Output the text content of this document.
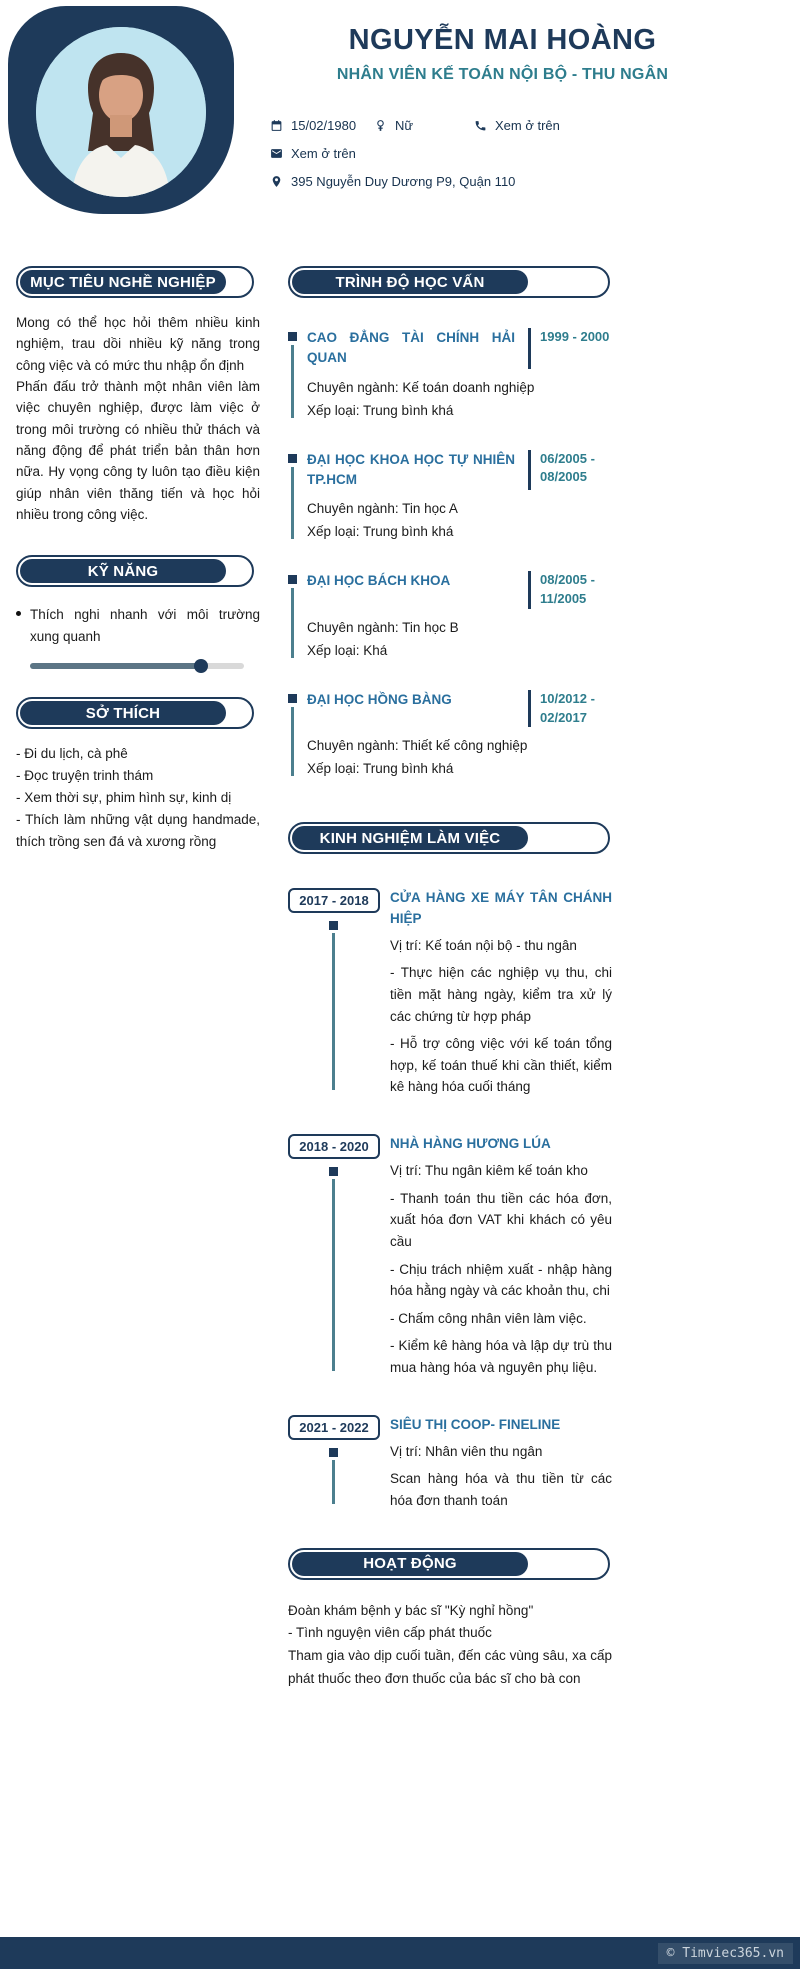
NGUYỄN MAI HOÀNG
NHÂN VIÊN KẾ TOÁN NỘI BỘ - THU NGÂN
15/02/1980	Nữ	Xem ở trên
Xem ở trên
395 Nguyễn Duy Dương P9, Quận 110
MỤC TIÊU NGHỀ NGHIỆP

Mong có thể học hỏi thêm nhiều kinh nghiệm, trau dồi nhiều kỹ năng trong công việc và có mức thu nhập ổn định

Phấn đấu trở thành một nhân viên làm việc chuyên nghiệp, được làm việc ở trong môi trường có nhiều thử thách và năng động để phát triển bản thân hơn nữa. Hy vọng công ty luôn tạo điều kiện giúp nhân viên thăng tiến và học hỏi nhiều trong công việc.

KỸ NĂNG
Thích nghi nhanh với môi trường xung quanh
SỞ THÍCH
- Đi du lịch, cà phê
- Đọc truyện trinh thám
- Xem thời sự, phim hình sự, kinh dị
- Thích làm những vật dụng handmade, thích trồng sen đá và xương rồng
TRÌNH ĐỘ HỌC VẤN
CAO ĐẲNG TÀI CHÍNH HẢI QUAN
1999 - 2000

Chuyên ngành: Kế toán doanh nghiệp

Xếp loại: Trung bình khá

ĐẠI HỌC KHOA HỌC TỰ NHIÊN TP.HCM
06/2005 - 08/2005

Chuyên ngành: Tin học A

Xếp loại: Trung bình khá

ĐẠI HỌC BÁCH KHOA	08/2005 - 11/2005

Chuyên ngành: Tin học B

Xếp loại: Khá

ĐẠI HỌC HỒNG BÀNG	10/2012 - 02/2017

Chuyên ngành: Thiết kế công nghiệp

Xếp loại: Trung bình khá

KINH NGHIỆM LÀM VIỆC
2017 - 2018	CỬA HÀNG XE MÁY TÂN CHÁNH HIỆP

Vị trí: Kế toán nội bộ - thu ngân

- Thực hiện các nghiệp vụ thu, chi tiền mặt hàng ngày, kiểm tra xử lý các chứng từ hợp pháp

- Hỗ trợ công việc với kế toán tổng hợp, kế toán thuế khi cần thiết, kiểm kê hàng hóa cuối tháng

2018 - 2020	NHÀ HÀNG HƯƠNG LÚA

Vị trí: Thu ngân kiêm kế toán kho

- Thanh toán thu tiền các hóa đơn, xuất hóa đơn VAT khi khách có yêu cầu

- Chịu trách nhiệm xuất - nhập hàng hóa hằng ngày và các khoản thu, chi

- Chấm công nhân viên làm việc.

- Kiểm kê hàng hóa và lập dự trù thu mua hàng hóa và nguyên phụ liệu.

2021 - 2022	SIÊU THỊ COOP- FINELINE

Vị trí: Nhân viên thu ngân

Scan hàng hóa và thu tiền từ các hóa đơn thanh toán

HOẠT ĐỘNG

Đoàn khám bệnh y bác sĩ "Kỳ nghỉ hồng"

- Tình nguyện viên cấp phát thuốc

Tham gia vào dịp cuối tuần, đến các vùng sâu, xa cấp phát thuốc theo đơn thuốc của bác sĩ cho bà con

© Timviec365.vn
